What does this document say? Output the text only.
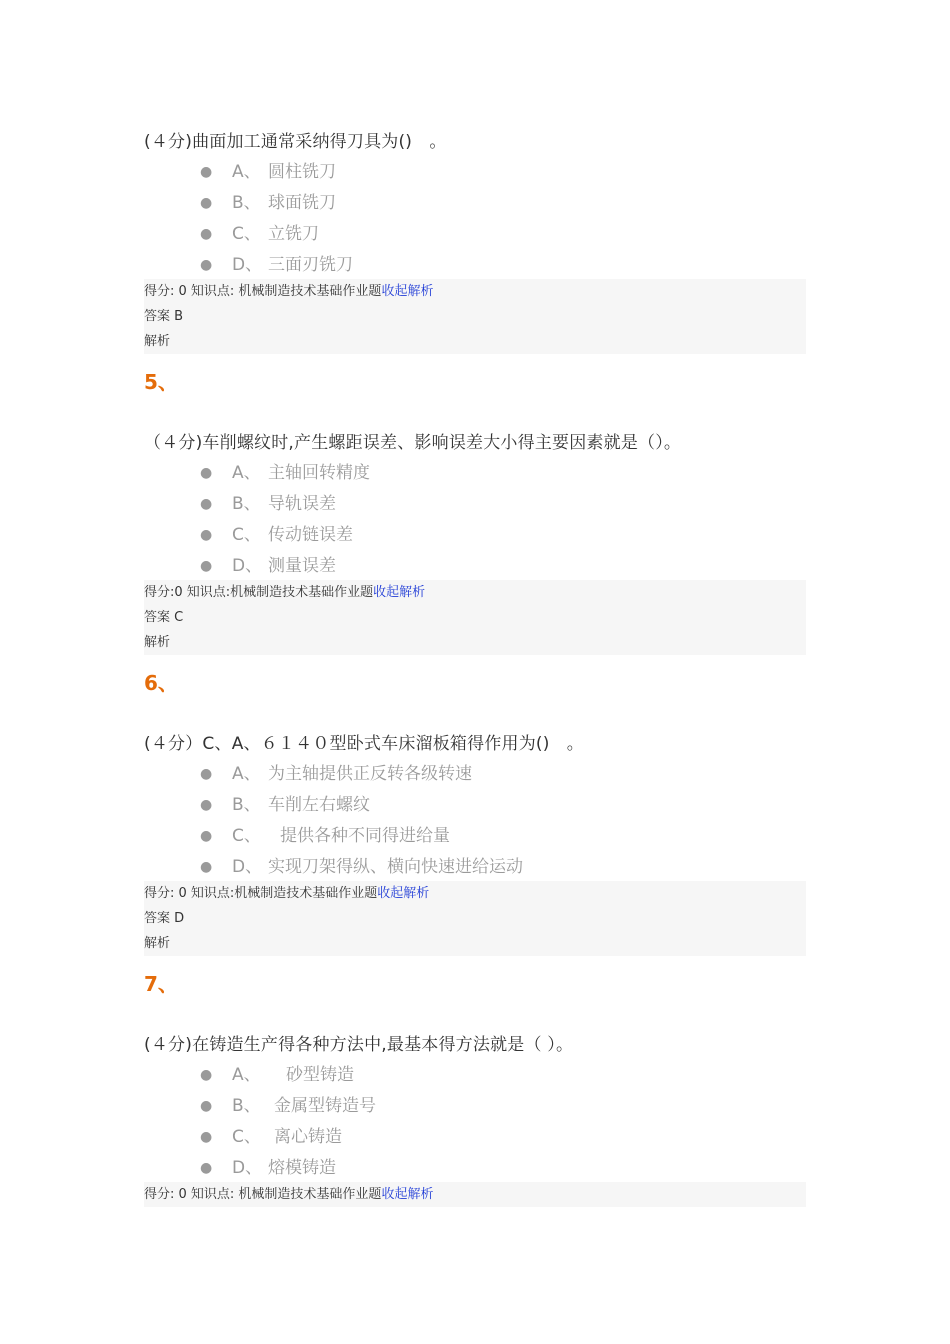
(４分)曲面加工通常采纳得刀具为()　。
● A、 圆柱铣刀
● B、 球面铣刀
● C、 立铣刀
● D、 三面刃铣刀
得分: 0 知识点: 机械制造技术基础作业题收起解析
答案 B
解析
5、
（４分)车削螺纹时,产生螺距误差、影响误差大小得主要因素就是（）。
● A、 主轴回转精度
● B、 导轨误差
● C、 传动链误差
● D、 测量误差
得分:0 知识点:机械制造技术基础作业题收起解析
答案 C
解析
6、
(４分）C、A、６１４０型卧式车床溜板箱得作用为()　。
● A、 为主轴提供正反转各级转速
● B、 车削左右螺纹
● C、 提供各种不同得进给量
● D、 实现刀架得纵、横向快速进给运动
得分: 0 知识点:机械制造技术基础作业题收起解析
答案 D
解析
7、
(４分)在铸造生产得各种方法中,最基本得方法就是（ ）。
● A、 砂型铸造
● B、 金属型铸造号
● C、 离心铸造
● D、 熔模铸造
得分: 0 知识点: 机械制造技术基础作业题收起解析
